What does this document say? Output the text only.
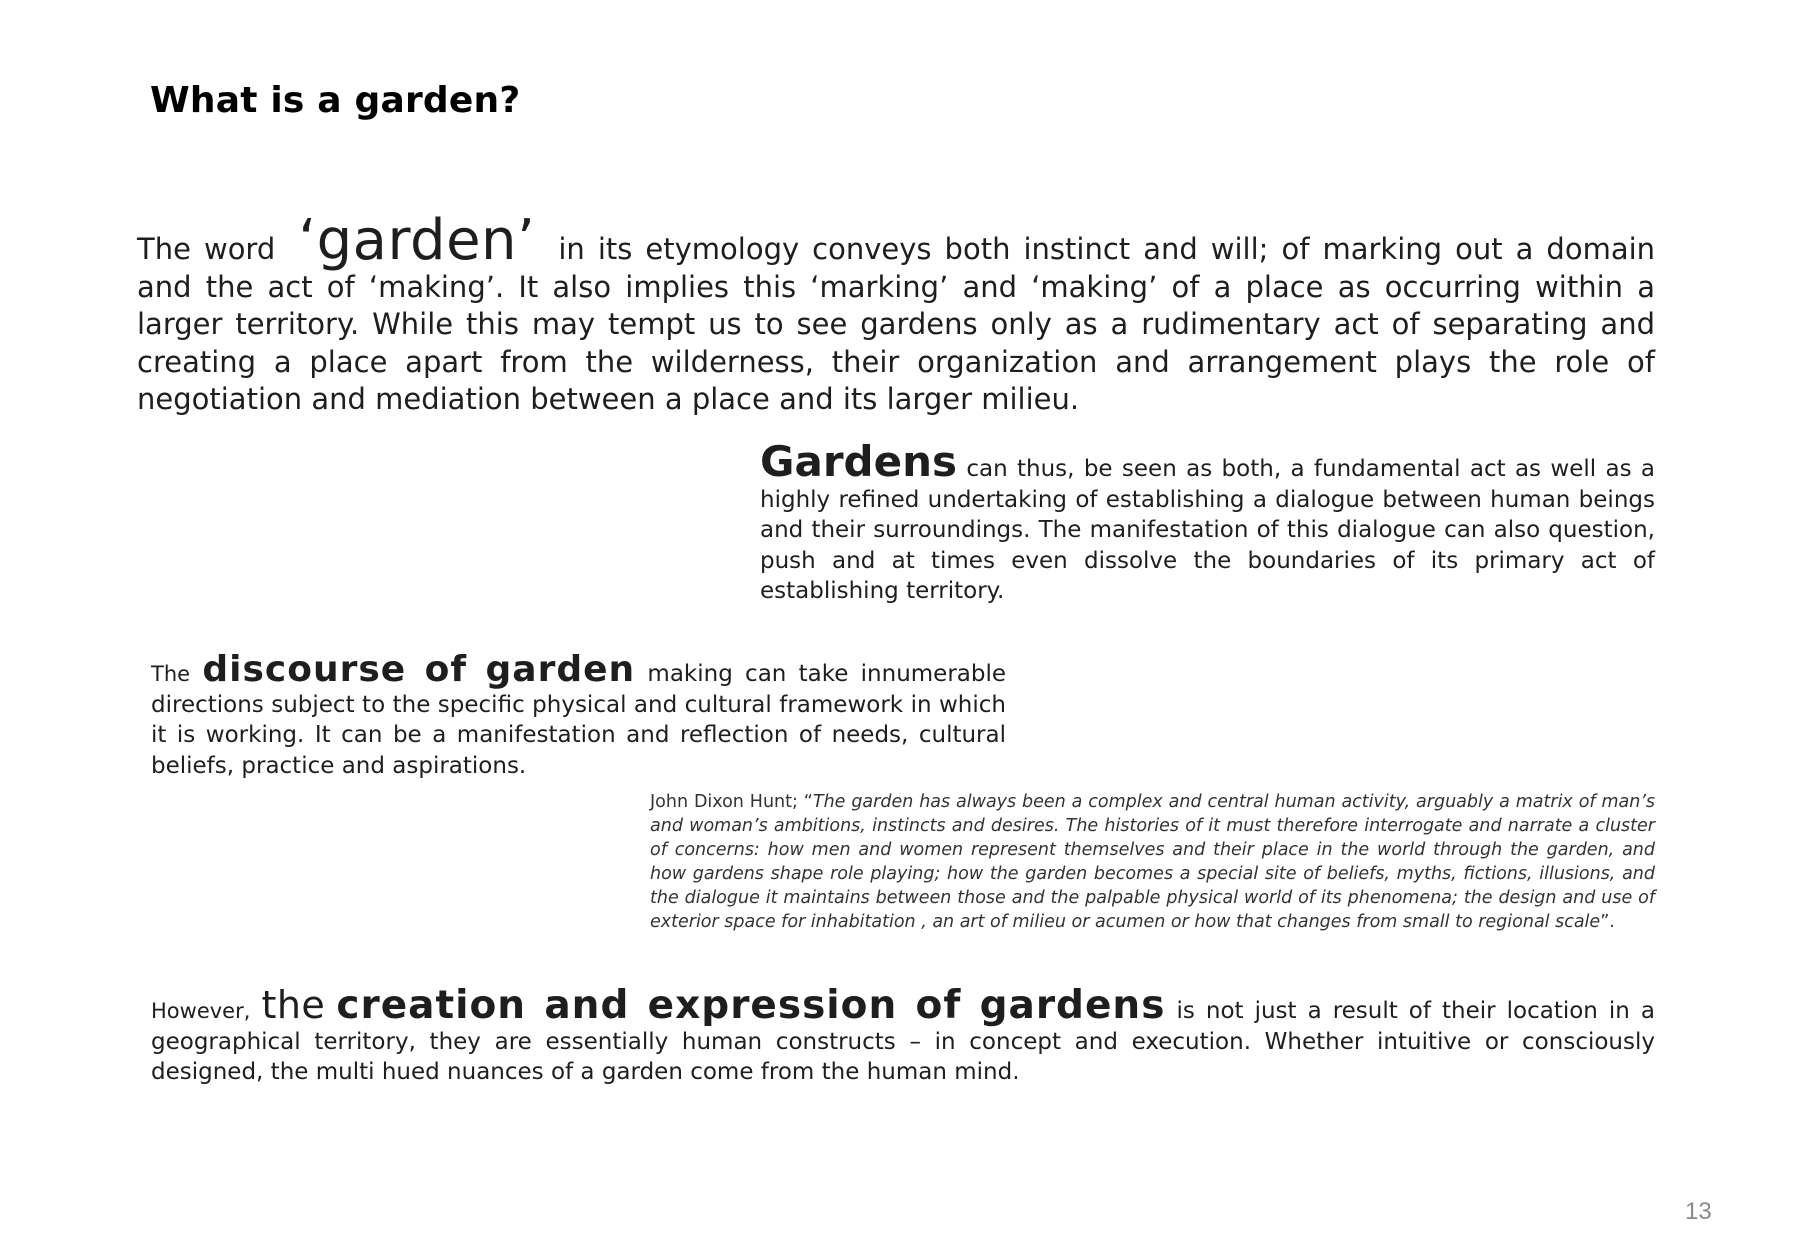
What is a garden?
The word ‘garden’ in its etymology conveys both instinct and will; of marking out a domain and the act of ‘making’. It also implies this ‘marking’ and ‘making’ of a place as occurring within a larger territory. While this may tempt us to see gardens only as a rudimentary act of separating and creating a place apart from the wilderness, their organization and arrangement plays the role of negotiation and mediation between a place and its larger milieu.
Gardens can thus, be seen as both, a fundamental act as well as a highly refined undertaking of establishing a dialogue between human beings and their surroundings. The manifestation of this dialogue can also question, push and at times even dissolve the boundaries of its primary act of establishing territory.
The discourse of garden making can take innumerable directions subject to the specific physical and cultural framework in which it is working. It can be a manifestation and reflection of needs, cultural beliefs, practice and aspirations.
John Dixon Hunt; “The garden has always been a complex and central human activity, arguably a matrix of man’s and woman’s ambitions, instincts and desires. The histories of it must therefore interrogate and narrate a cluster of concerns: how men and women represent themselves and their place in the world through the garden, and how gardens shape role playing; how the garden becomes a special site of beliefs, myths, fictions, illusions, and the dialogue it maintains between those and the palpable physical world of its phenomena; the design and use of exterior space for inhabitation , an art of milieu or acumen or how that changes from small to regional scale”.
However, the creation and expression of gardens is not just a result of their location in a geographical territory, they are essentially human constructs – in concept and execution. Whether intuitive or consciously designed, the multi hued nuances of a garden come from the human mind.
13
